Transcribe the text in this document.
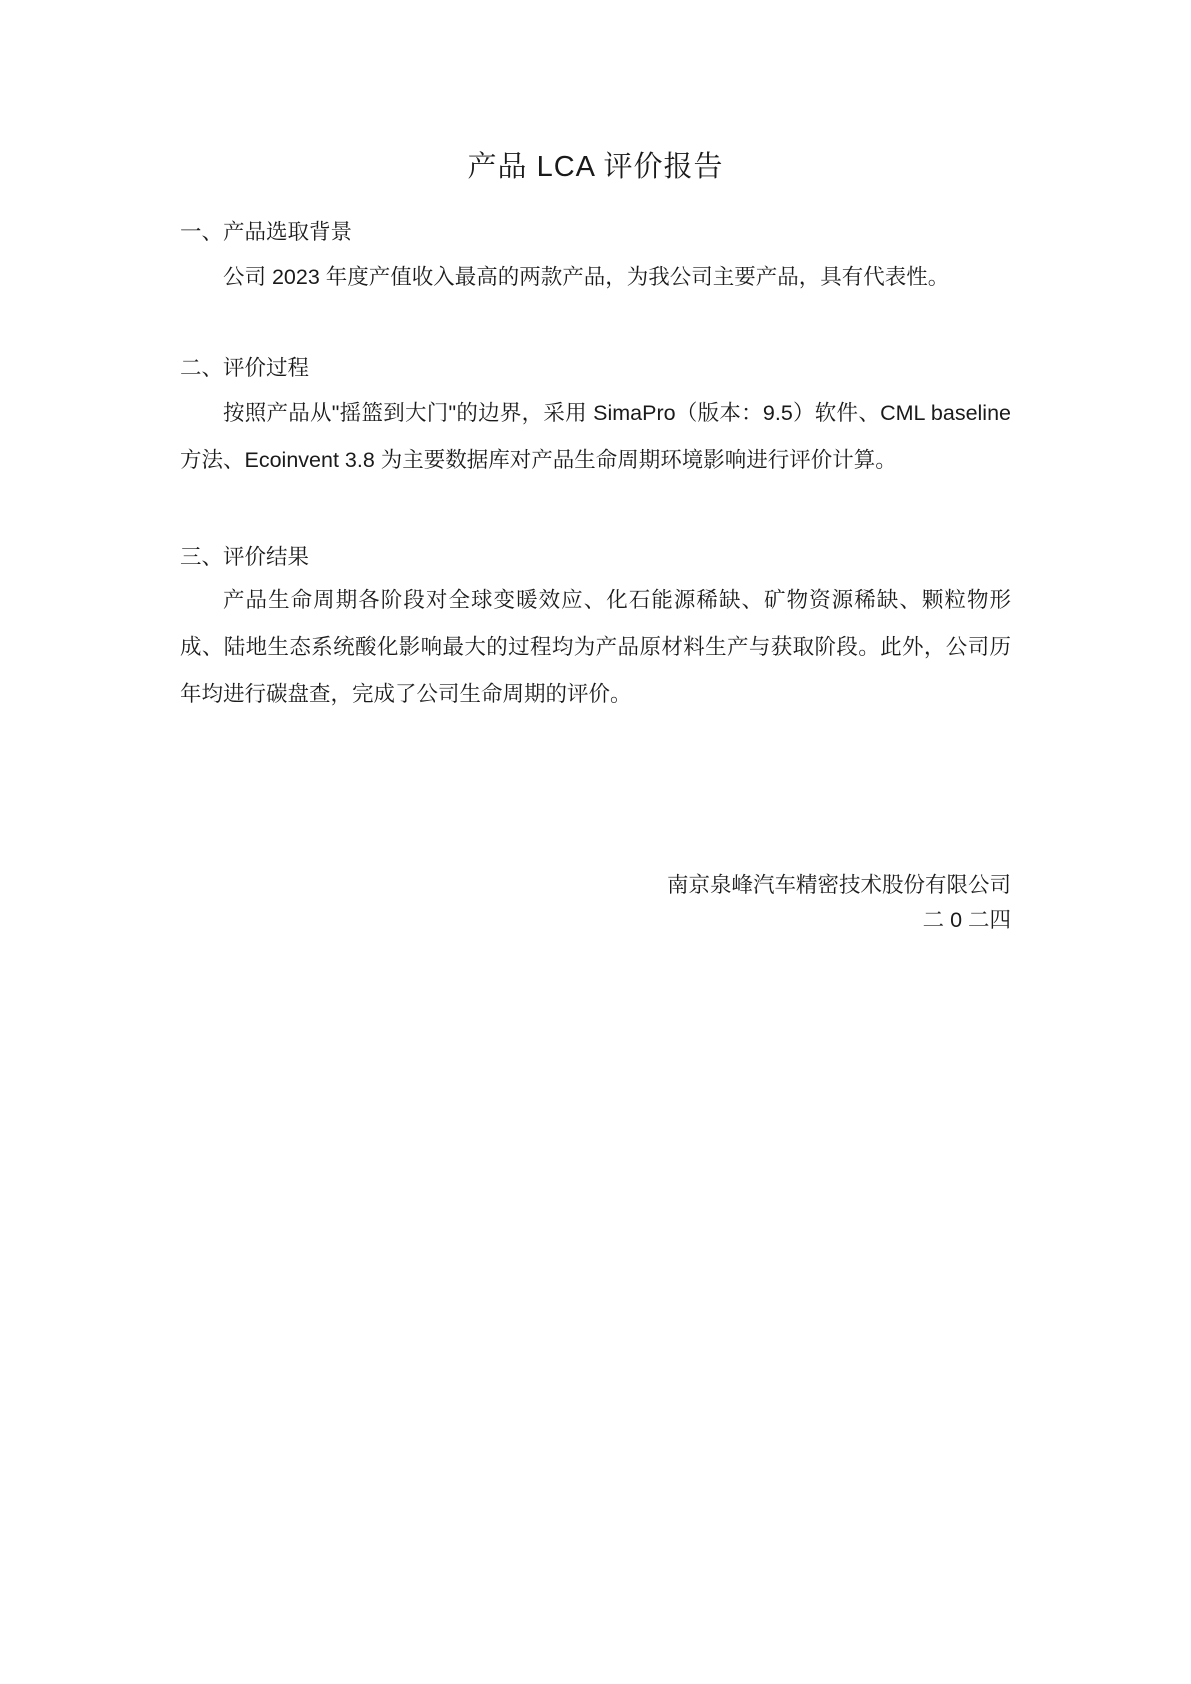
产品 LCA 评价报告
一、产品选取背景

公司 2023 年度产值收入最高的两款产品，为我公司主要产品，具有代表性。

二、评价过程

按照产品从"摇篮到大门"的边界，采用 SimaPro（版本：9.5）软件、CML baseline 方法、Ecoinvent 3.8 为主要数据库对产品生命周期环境影响进行评价计算。

三、评价结果

产品生命周期各阶段对全球变暖效应、化石能源稀缺、矿物资源稀缺、颗粒物形成、陆地生态系统酸化影响最大的过程均为产品原材料生产与获取阶段。此外，公司历年均进行碳盘查，完成了公司生命周期的评价。

南京泉峰汽车精密技术股份有限公司

二 0 二四
